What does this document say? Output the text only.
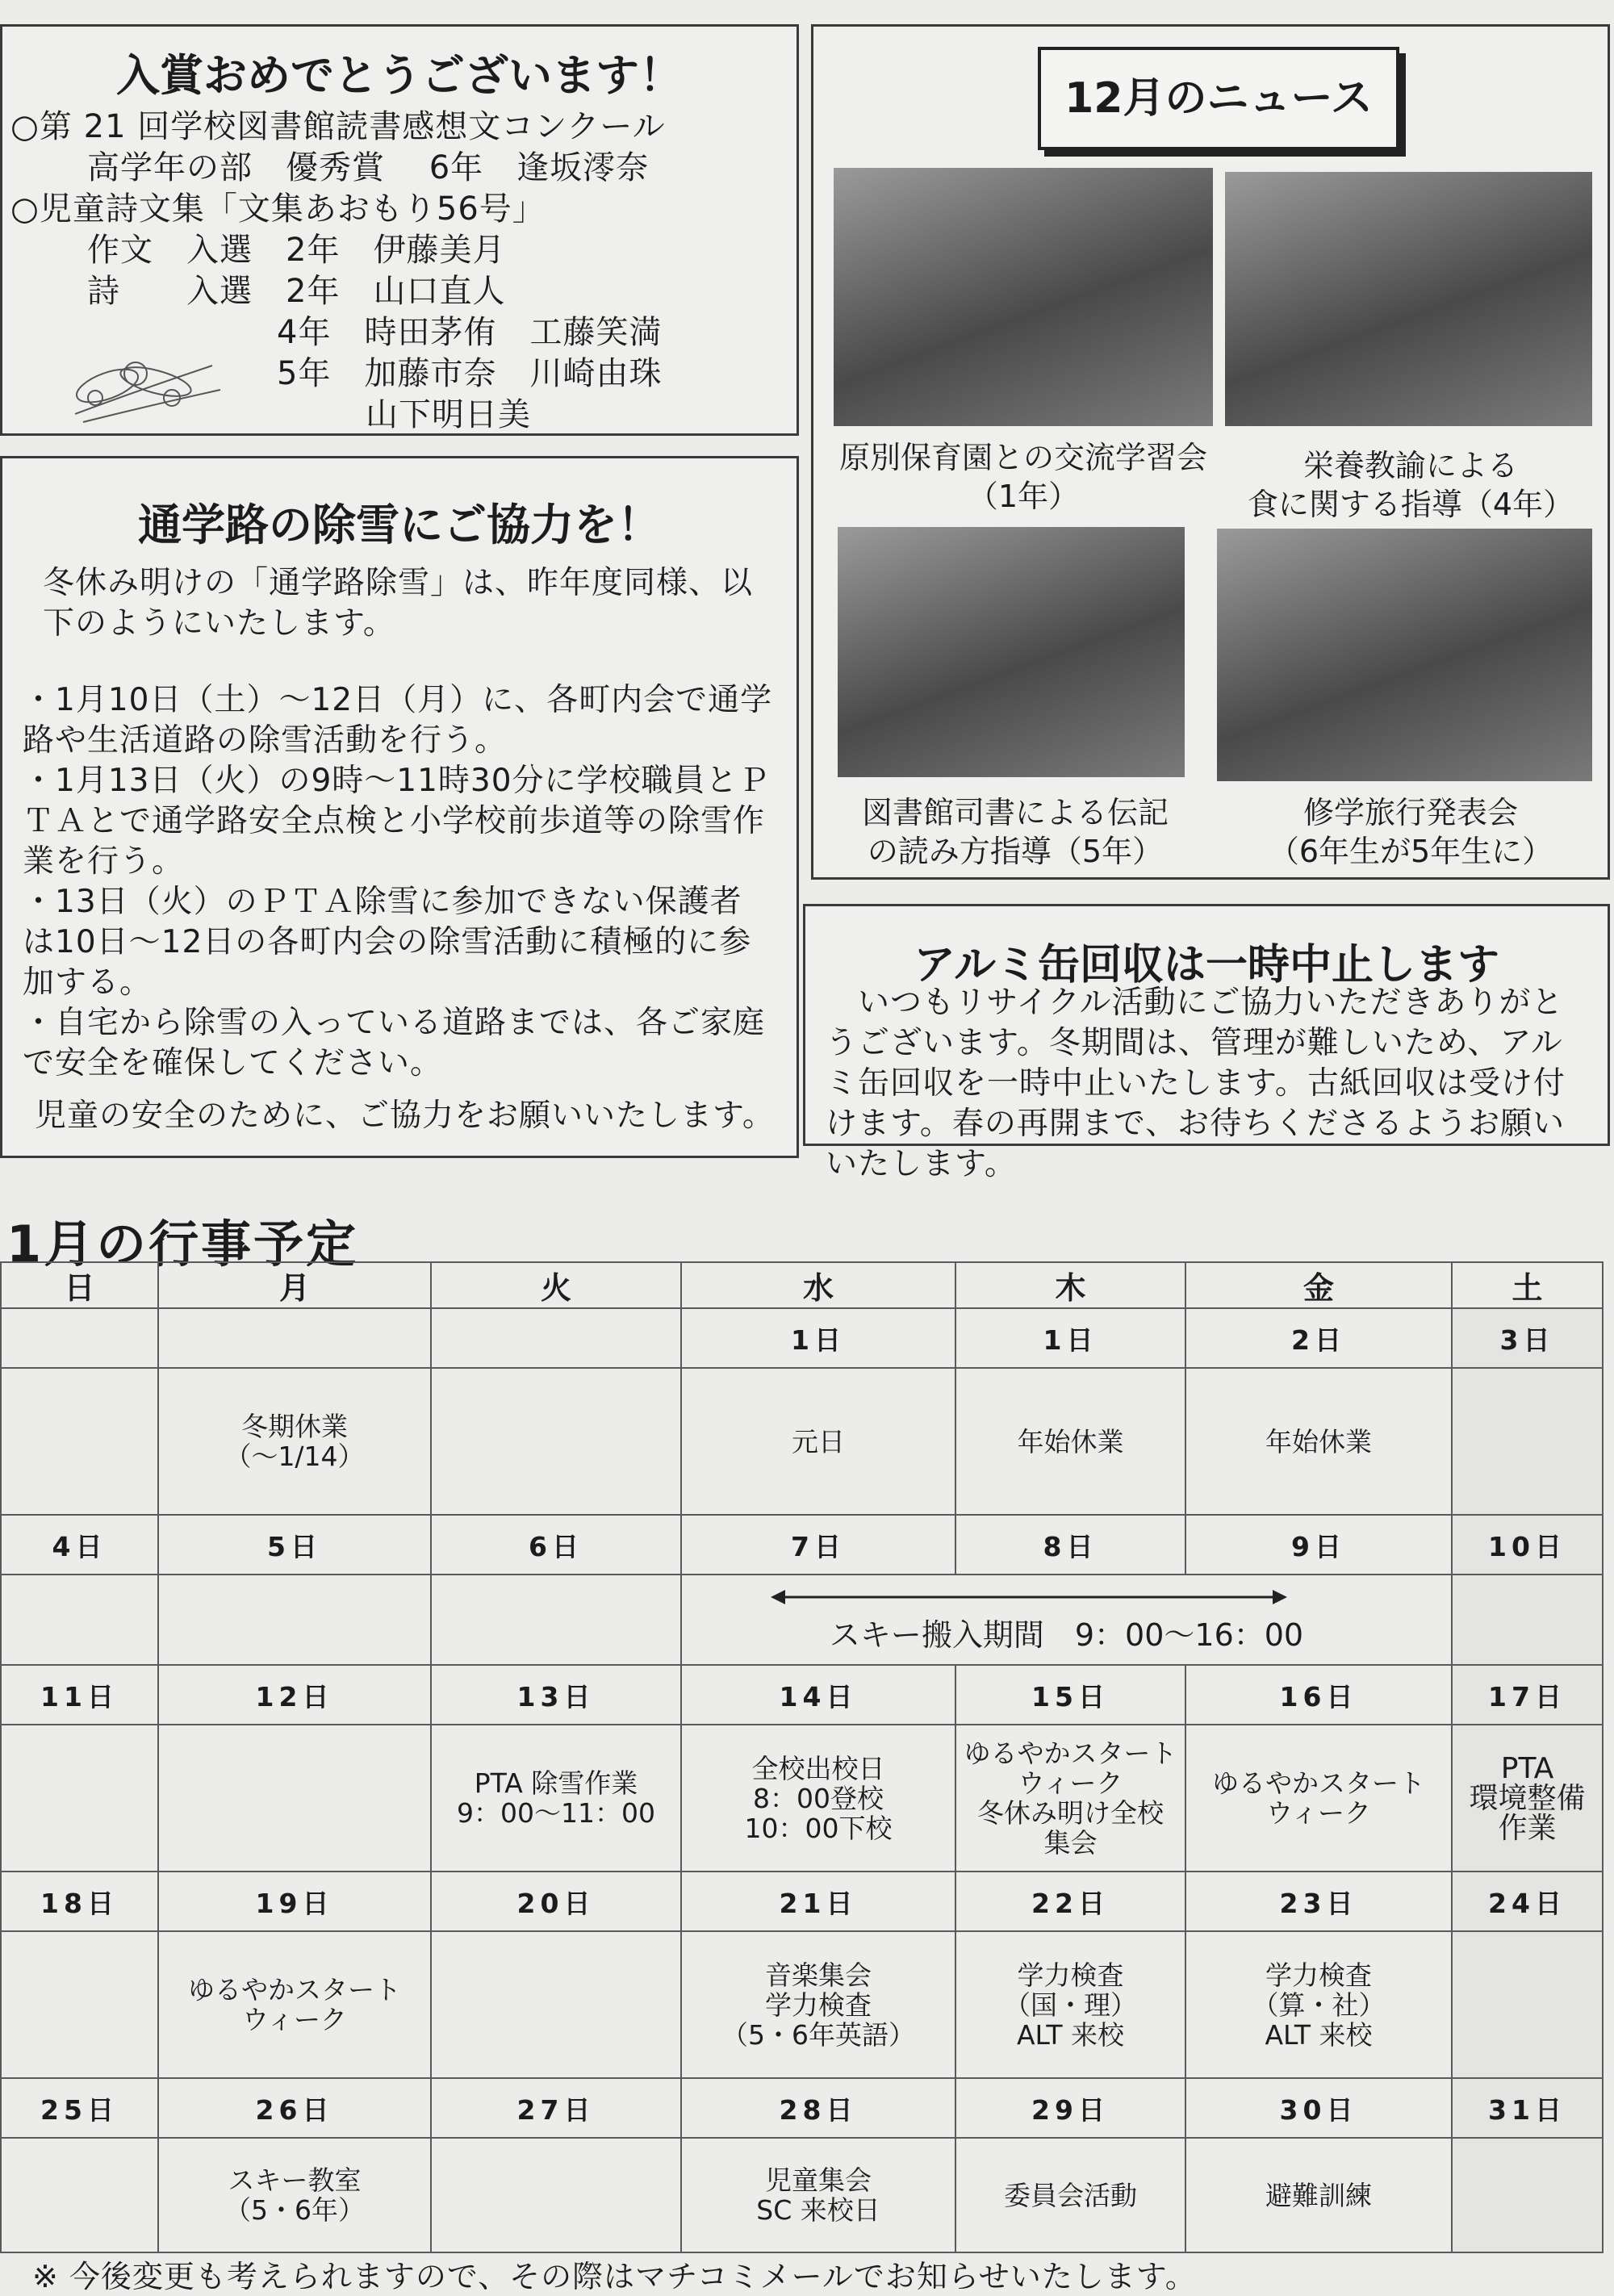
入賞おめでとうございます！
○第 21 回学校図書館読書感想文コンクール
高学年の部　優秀賞　 6年　逢坂澪奈
○児童詩文集「文集あおもり56号」
作文　入選　2年　伊藤美月
詩　　入選　2年　山口直人
4年　時田茅侑　工藤笑満
5年　加藤市奈　川崎由珠
山下明日美
通学路の除雪にご協力を！
冬休み明けの「通学路除雪」は、昨年度同様、以下のようにいたします。
・1月10日（土）〜12日（月）に、各町内会で通学路や生活道路の除雪活動を行う。
・1月13日（火）の9時〜11時30分に学校職員とＰＴＡとで通学路安全点検と小学校前歩道等の除雪作業を行う。
・13日（火）のＰＴＡ除雪に参加できない保護者は10日〜12日の各町内会の除雪活動に積極的に参加する。
・自宅から除雪の入っている道路までは、各ご家庭で安全を確保してください。
児童の安全のために、ご協力をお願いいたします。
12月のニュース
原別保育園との交流学習会
（1年）
栄養教諭による
食に関する指導（4年）
図書館司書による伝記
の読み方指導（5年）
修学旅行発表会
（6年生が5年生に）
アルミ缶回収は一時中止します
　いつもリサイクル活動にご協力いただきありがとうございます。冬期間は、管理が難しいため、アルミ缶回収を一時中止いたします。古紙回収は受け付けます。春の再開まで、お待ちくださるようお願いいたします。
1月の行事予定
日	月	火	水	木	金	土
			1日	1日	2日	3日
	冬期休業
（〜1/14）		元日	年始休業	年始休業	
4日	5日	6日	7日	8日	9日	10日

			スキー搬入期間　9：00〜16：00			

11日	12日	13日	14日	15日	16日	17日
		PTA 除雪作業
9：00〜11：00	全校出校日
8：00登校
10：00下校	ゆるやかスタートウィーク
冬休み明け全校
集会	ゆるやかスタート
ウィーク	PTA
環境整備
作業
18日	19日	20日	21日	22日	23日	24日
	ゆるやかスタート
ウィーク		音楽集会
学力検査
（5・6年英語）	学力検査
（国・理）
ALT 来校	学力検査
（算・社）
ALT 来校	
25日	26日	27日	28日	29日	30日	31日
	スキー教室
（5・6年）		児童集会
SC 来校日	委員会活動	避難訓練	
※ 今後変更も考えられますので、その際はマチコミメールでお知らせいたします。
